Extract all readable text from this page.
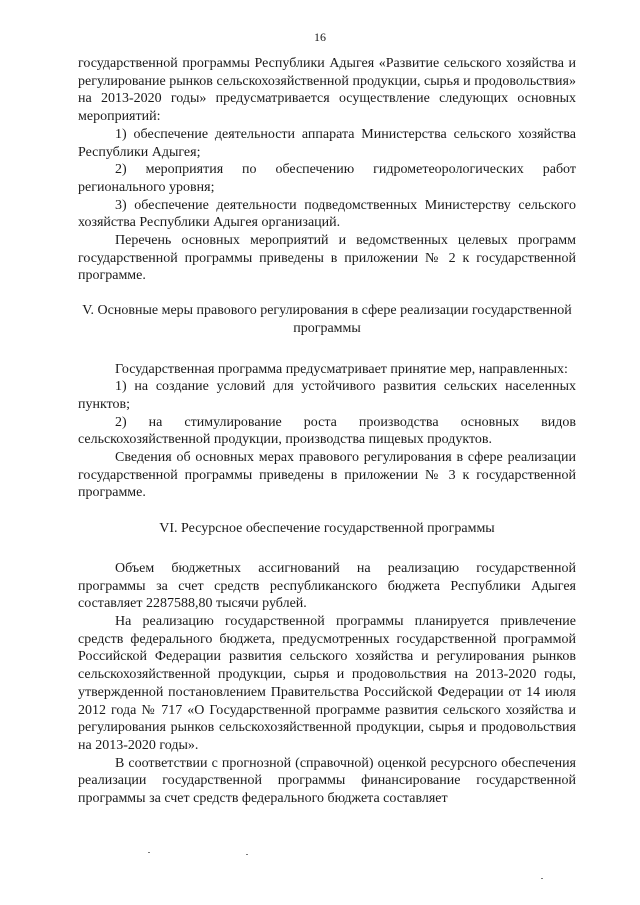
16

государственной программы Республики Адыгея «Развитие сельского хозяйства и регулирование рынков сельскохозяйственной продукции, сырья и продовольствия» на 2013-2020 годы» предусматривается осуществление следующих основных мероприятий:

1) обеспечение деятельности аппарата Министерства сельского хозяйства Республики Адыгея;

2) мероприятия по обеспечению гидрометеорологических работ регионального уровня;

3) обеспечение деятельности подведомственных Министерству сельского хозяйства Республики Адыгея организаций.

Перечень основных мероприятий и ведомственных целевых программ государственной программы приведены в приложении № 2 к государственной программе.

V. Основные меры правового регулирования в сфере реализации государственной программы

Государственная программа предусматривает принятие мер, направленных:

1) на создание условий для устойчивого развития сельских населенных пунктов;

2) на стимулирование роста производства основных видов сельскохозяйственной продукции, производства пищевых продуктов.

Сведения об основных мерах правового регулирования в сфере реализации государственной программы приведены в приложении № 3 к государственной программе.

VI. Ресурсное обеспечение государственной программы

Объем бюджетных ассигнований на реализацию государственной программы за счет средств республиканского бюджета Республики Адыгея составляет 2287588,80 тысячи рублей.

На реализацию государственной программы планируется привлечение средств федерального бюджета, предусмотренных государственной программой Российской Федерации развития сельского хозяйства и регулирования рынков сельскохозяйственной продукции, сырья и продовольствия на 2013-2020 годы, утвержденной постановлением Правительства Российской Федерации от 14 июля 2012 года № 717 «О Государственной программе развития сельского хозяйства и регулирования рынков сельскохозяйственной продукции, сырья и продовольствия на 2013-2020 годы».

В соответствии с прогнозной (справочной) оценкой ресурсного обеспечения реализации государственной программы финансирование государственной программы за счет средств федерального бюджета составляет
